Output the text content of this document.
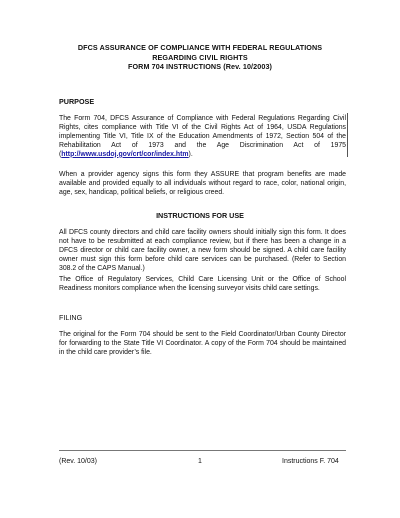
DFCS ASSURANCE OF COMPLIANCE WITH FEDERAL REGULATIONS
REGARDING CIVIL RIGHTS
FORM 704 INSTRUCTIONS (Rev. 10/2003)
PURPOSE
The Form 704, DFCS Assurance of Compliance with Federal Regulations Regarding Civil Rights, cites compliance with Title VI of the Civil Rights Act of 1964, USDA Regulations implementing Title VI, Title IX of the Education Amendments of 1972, Section 504 of the Rehabilitation Act of 1973 and the Age Discrimination Act of 1975 (http://www.usdoj.gov/crt/cor/index.htm).
When a provider agency signs this form they ASSURE that program benefits are made available and provided equally to all individuals without regard to race, color, national origin, age, sex, handicap, political beliefs, or religious creed.
INSTRUCTIONS FOR USE
All DFCS county directors and child care facility owners should initially sign this form. It does not have to be resubmitted at each compliance review, but if there has been a change in a DFCS director or child care facility owner, a new form should be signed. A child care facility owner must sign this form before child care services can be purchased. (Refer to Section 308.2 of the CAPS Manual.)
The Office of Regulatory Services, Child Care Licensing Unit or the Office of School Readiness monitors compliance when the licensing surveyor visits child care settings.
FILING
The original for the Form 704 should be sent to the Field Coordinator/Urban County Director for forwarding to the State Title VI Coordinator. A copy of the Form 704 should be maintained in the child care provider’s file.
(Rev. 10/03)	1	Instructions F. 704
